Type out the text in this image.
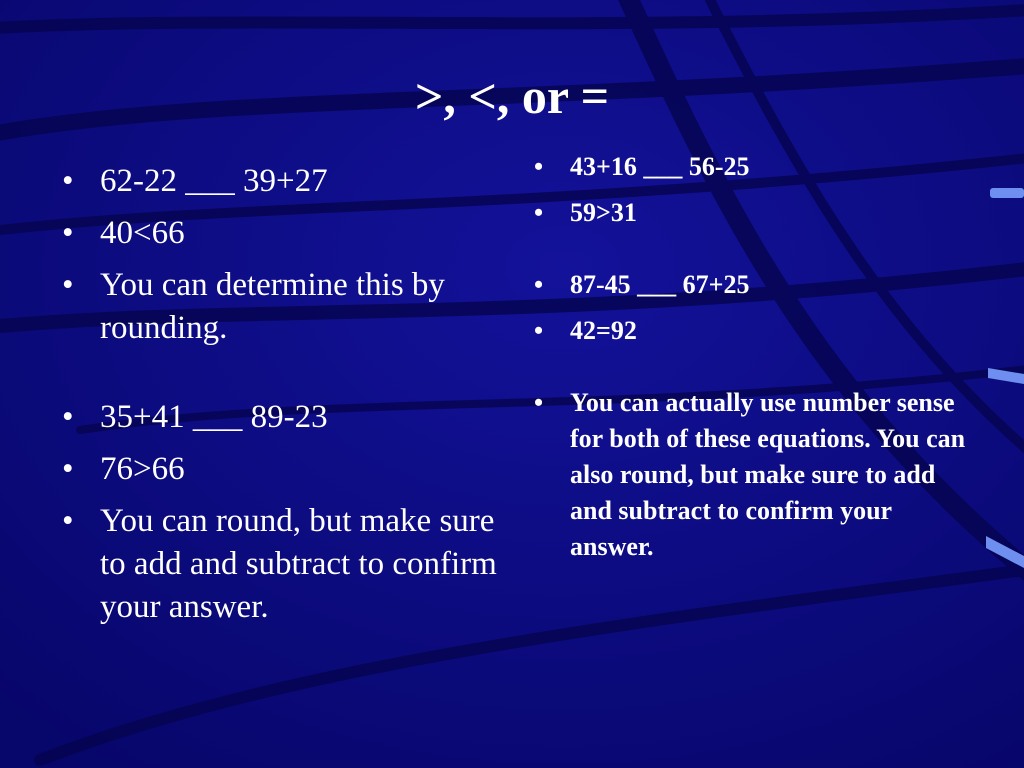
>, <, or =
• 62-22 ___ 39+27
• 40<66
• You can determine this by rounding.
• 35+41 ___ 89-23
• 76>66
• You can round, but make sure to add and subtract to confirm your answer.
• 43+16 ___ 56-25
• 59>31
• 87-45 ___ 67+25
• 42=92
• You can actually use number sense for both of these equations. You can also round, but make sure to add and subtract to confirm your answer.
